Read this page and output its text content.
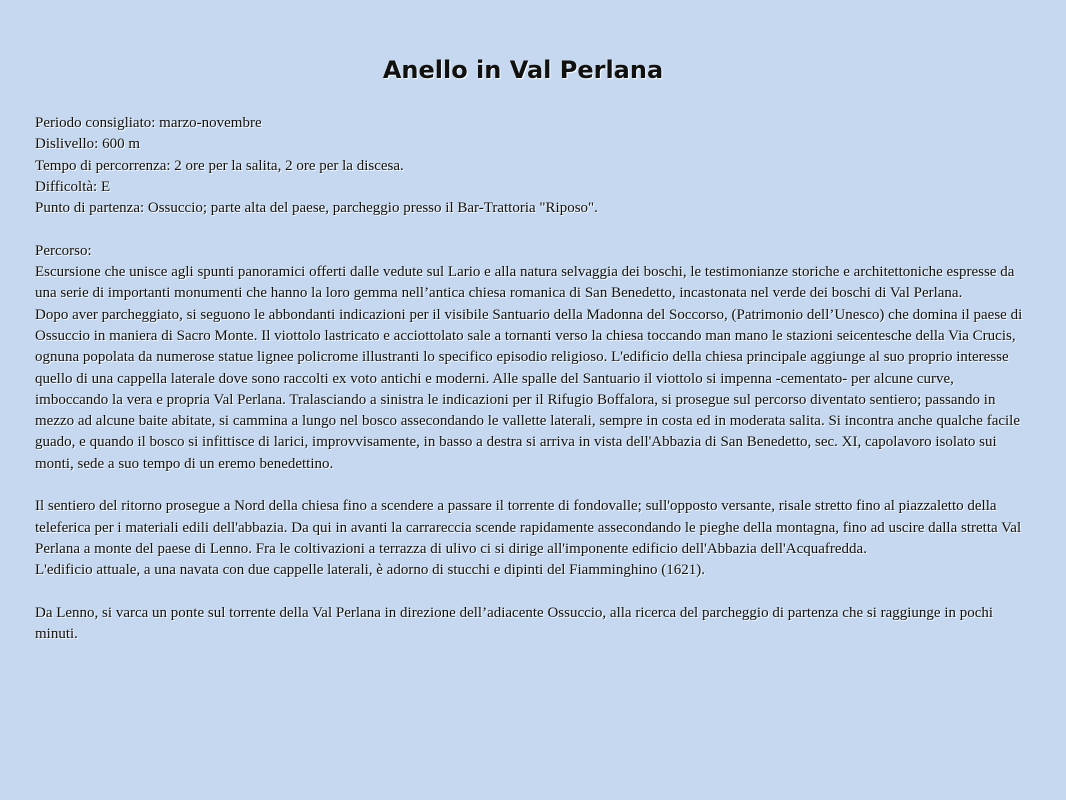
Anello in Val Perlana

Periodo consigliato: marzo-novembre

Dislivello: 600 m

Tempo di percorrenza: 2 ore per la salita, 2 ore per la discesa.

Difficoltà: E

Punto di partenza: Ossuccio; parte alta del paese, parcheggio presso il Bar-Trattoria "Riposo".

Percorso:

Escursione che unisce agli spunti panoramici offerti dalle vedute sul Lario e alla natura selvaggia dei boschi, le testimonianze storiche e architettoniche espresse da una serie di importanti monumenti che hanno la loro gemma nell’antica chiesa romanica di San Benedetto, incastonata nel verde dei boschi di Val Perlana.

Dopo aver parcheggiato, si seguono le abbondanti indicazioni per il visibile Santuario della Madonna del Soccorso, (Patrimonio dell’Unesco) che domina il paese di Ossuccio in maniera di Sacro Monte. Il viottolo lastricato e acciottolato sale a tornanti verso la chiesa toccando man mano le stazioni seicentesche della Via Crucis, ognuna popolata da numerose statue lignee policrome illustranti lo specifico episodio religioso. L'edificio della chiesa principale aggiunge al suo proprio interesse quello di una cappella laterale dove sono raccolti ex voto antichi e moderni. Alle spalle del Santuario il viottolo si impenna -cementato- per alcune curve, imboccando la vera e propria Val Perlana. Tralasciando a sinistra le indicazioni per il Rifugio Boffalora, si prosegue sul percorso diventato sentiero; passando in mezzo ad alcune baite abitate, si cammina a lungo nel bosco assecondando le vallette laterali, sempre in costa ed in moderata salita. Si incontra anche qualche facile guado, e quando il bosco si infittisce di larici, improvvisamente, in basso a destra si arriva in vista dell'Abbazia di San Benedetto, sec. XI, capolavoro isolato sui monti, sede a suo tempo di un eremo benedettino.

Il sentiero del ritorno prosegue a Nord della chiesa fino a scendere a passare il torrente di fondovalle; sull'opposto versante, risale stretto fino al piazzaletto della teleferica per i materiali edili dell'abbazia. Da qui in avanti la carrareccia scende rapidamente assecondando le pieghe della montagna, fino ad uscire dalla stretta Val Perlana a monte del paese di Lenno. Fra le coltivazioni a terrazza di ulivo ci si dirige all'imponente edificio dell'Abbazia dell'Acquafredda.

L'edificio attuale, a una navata con due cappelle laterali, è adorno di stucchi e dipinti del Fiamminghino (1621).

Da Lenno, si varca un ponte sul torrente della Val Perlana in direzione dell’adiacente Ossuccio, alla ricerca del parcheggio di partenza che si raggiunge in pochi minuti.
